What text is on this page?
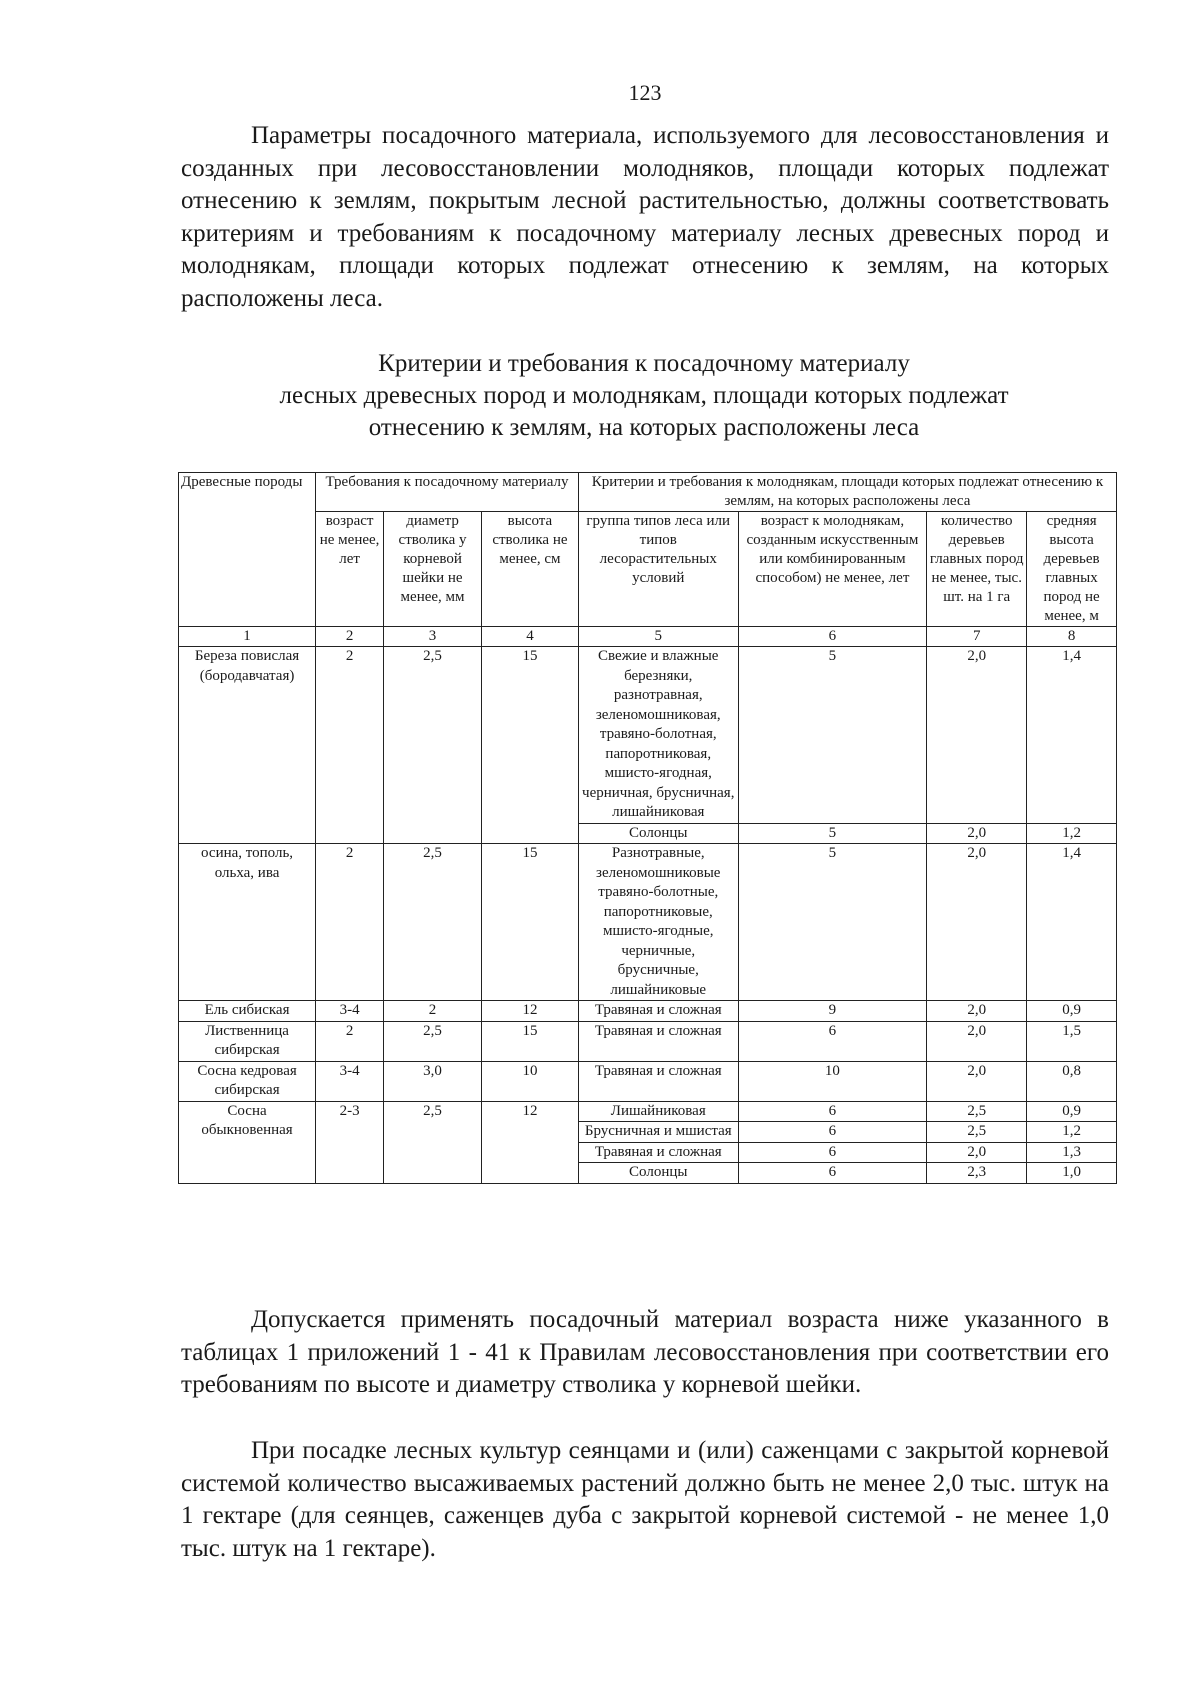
123
Параметры посадочного материала, используемого для лесовосстановления и созданных при лесовосстановлении молодняков, площади которых подлежат отнесению к землям, покрытым лесной растительностью, должны соответствовать критериям и требованиям к посадочному материалу лесных древесных пород и молоднякам, площади которых подлежат отнесению к землям, на которых расположены леса.
Критерии и требования к посадочному материалу
лесных древесных пород и молоднякам, площади которых подлежат
отнесению к землям, на которых расположены леса
Древесные породы	Требования к посадочному материалу			Критерии и требования к молоднякам, площади которых подлежат отнесению к землям, на которых расположены леса			
	возраст не менее, лет	диаметр стволика у корневой шейки не менее, мм	высота стволика не менее, см	группа типов леса или типов лесорастительных условий	возраст к молоднякам, созданным искусственным или комбинированным способом) не менее, лет	количество деревьев главных пород не менее, тыс. шт. на 1 га	средняя высота деревьев главных пород не менее, м
1	2	3	4	5	6	7	8
Береза повислая (бородавчатая)	2	2,5	15	Свежие и влажные березняки, разнотравная, зеленомошниковая, травяно-болотная, папоротниковая, мшисто-ягодная, черничная, брусничная, лишайниковая	5	2,0	1,4
				Солонцы	5	2,0	1,2
осина, тополь, ольха, ива	2	2,5	15	Разнотравные, зеленомошниковые травяно-болотные, папоротниковые, мшисто-ягодные, черничные, брусничные, лишайниковые	5	2,0	1,4
Ель сибиская	3-4	2	12	Травяная и сложная	9	2,0	0,9
Лиственница сибирская	2	2,5	15	Травяная и сложная	6	2,0	1,5
Сосна кедровая сибирская	3-4	3,0	10	Травяная и сложная	10	2,0	0,8
Сосна обыкновенная	2-3	2,5	12	Лишайниковая	6	2,5	0,9
				Брусничная и мшистая	6	2,5	1,2
				Травяная и сложная	6	2,0	1,3
				Солонцы	6	2,3	1,0
Допускается применять посадочный материал возраста ниже указанного в таблицах 1 приложений 1 - 41 к Правилам лесовосстановления при соответствии его требованиям по высоте и диаметру стволика у корневой шейки.
При посадке лесных культур сеянцами и (или) саженцами с закрытой корневой системой количество высаживаемых растений должно быть не менее 2,0 тыс. штук на 1 гектаре (для сеянцев, саженцев дуба с закрытой корневой системой - не менее 1,0 тыс. штук на 1 гектаре).
